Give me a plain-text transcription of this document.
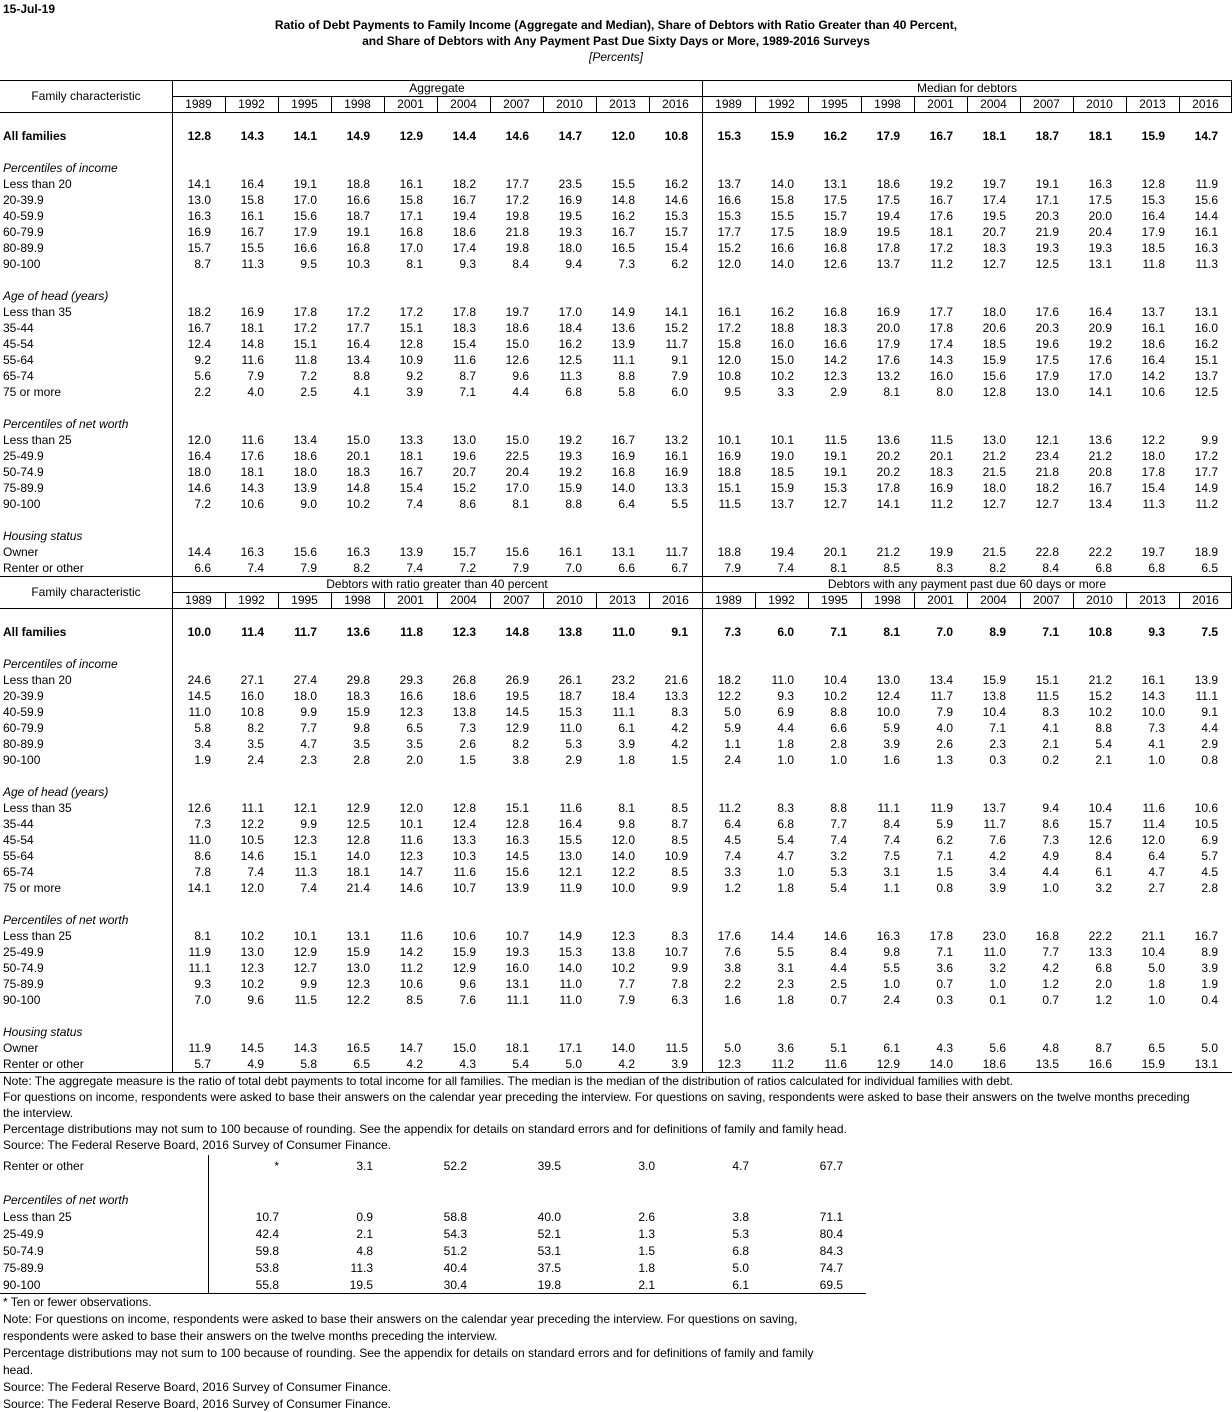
15-Jul-19
Ratio of Debt Payments to Family Income (Aggregate and Median), Share of Debtors with Ratio Greater than 40 Percent,
and Share of Debtors with Any Payment Past Due Sixty Days or More, 1989-2016 Surveys
[Percents]
Family characteristic
Aggregate	Median for debtors
1989	1992	1995	1998	2001	2004	2007	2010	2013	2016	1989	1992	1995	1998	2001	2004	2007	2010	2013	2016
All families	12.8	14.3	14.1	14.9	12.9	14.4	14.6	14.7	12.0	10.8	15.3	15.9	16.2	17.9	16.7	18.1	18.7	18.1	15.9	14.7
Percentiles of income
Less than 20	14.1	16.4	19.1	18.8	16.1	18.2	17.7	23.5	15.5	16.2	13.7	14.0	13.1	18.6	19.2	19.7	19.1	16.3	12.8	11.9
20-39.9	13.0	15.8	17.0	16.6	15.8	16.7	17.2	16.9	14.8	14.6	16.6	15.8	17.5	17.5	16.7	17.4	17.1	17.5	15.3	15.6
40-59.9	16.3	16.1	15.6	18.7	17.1	19.4	19.8	19.5	16.2	15.3	15.3	15.5	15.7	19.4	17.6	19.5	20.3	20.0	16.4	14.4
60-79.9	16.9	16.7	17.9	19.1	16.8	18.6	21.8	19.3	16.7	15.7	17.7	17.5	18.9	19.5	18.1	20.7	21.9	20.4	17.9	16.1
80-89.9	15.7	15.5	16.6	16.8	17.0	17.4	19.8	18.0	16.5	15.4	15.2	16.6	16.8	17.8	17.2	18.3	19.3	19.3	18.5	16.3
90-100	8.7	11.3	9.5	10.3	8.1	9.3	8.4	9.4	7.3	6.2	12.0	14.0	12.6	13.7	11.2	12.7	12.5	13.1	11.8	11.3
Age of head (years)
Less than 35	18.2	16.9	17.8	17.2	17.2	17.8	19.7	17.0	14.9	14.1	16.1	16.2	16.8	16.9	17.7	18.0	17.6	16.4	13.7	13.1
35-44	16.7	18.1	17.2	17.7	15.1	18.3	18.6	18.4	13.6	15.2	17.2	18.8	18.3	20.0	17.8	20.6	20.3	20.9	16.1	16.0
45-54	12.4	14.8	15.1	16.4	12.8	15.4	15.0	16.2	13.9	11.7	15.8	16.0	16.6	17.9	17.4	18.5	19.6	19.2	18.6	16.2
55-64	9.2	11.6	11.8	13.4	10.9	11.6	12.6	12.5	11.1	9.1	12.0	15.0	14.2	17.6	14.3	15.9	17.5	17.6	16.4	15.1
65-74	5.6	7.9	7.2	8.8	9.2	8.7	9.6	11.3	8.8	7.9	10.8	10.2	12.3	13.2	16.0	15.6	17.9	17.0	14.2	13.7
75 or more	2.2	4.0	2.5	4.1	3.9	7.1	4.4	6.8	5.8	6.0	9.5	3.3	2.9	8.1	8.0	12.8	13.0	14.1	10.6	12.5
Percentiles of net worth
Less than 25	12.0	11.6	13.4	15.0	13.3	13.0	15.0	19.2	16.7	13.2	10.1	10.1	11.5	13.6	11.5	13.0	12.1	13.6	12.2	9.9
25-49.9	16.4	17.6	18.6	20.1	18.1	19.6	22.5	19.3	16.9	16.1	16.9	19.0	19.1	20.2	20.1	21.2	23.4	21.2	18.0	17.2
50-74.9	18.0	18.1	18.0	18.3	16.7	20.7	20.4	19.2	16.8	16.9	18.8	18.5	19.1	20.2	18.3	21.5	21.8	20.8	17.8	17.7
75-89.9	14.6	14.3	13.9	14.8	15.4	15.2	17.0	15.9	14.0	13.3	15.1	15.9	15.3	17.8	16.9	18.0	18.2	16.7	15.4	14.9
90-100	7.2	10.6	9.0	10.2	7.4	8.6	8.1	8.8	6.4	5.5	11.5	13.7	12.7	14.1	11.2	12.7	12.7	13.4	11.3	11.2
Housing status
Owner	14.4	16.3	15.6	16.3	13.9	15.7	15.6	16.1	13.1	11.7	18.8	19.4	20.1	21.2	19.9	21.5	22.8	22.2	19.7	18.9
Renter or other	6.6	7.4	7.9	8.2	7.4	7.2	7.9	7.0	6.6	6.7	7.9	7.4	8.1	8.5	8.3	8.2	8.4	6.8	6.8	6.5
Family characteristic
Debtors with ratio greater than 40 percent	Debtors with any payment past due 60 days or more
1989	1992	1995	1998	2001	2004	2007	2010	2013	2016	1989	1992	1995	1998	2001	2004	2007	2010	2013	2016
All families	10.0	11.4	11.7	13.6	11.8	12.3	14.8	13.8	11.0	9.1	7.3	6.0	7.1	8.1	7.0	8.9	7.1	10.8	9.3	7.5
Percentiles of income
Less than 20	24.6	27.1	27.4	29.8	29.3	26.8	26.9	26.1	23.2	21.6	18.2	11.0	10.4	13.0	13.4	15.9	15.1	21.2	16.1	13.9
20-39.9	14.5	16.0	18.0	18.3	16.6	18.6	19.5	18.7	18.4	13.3	12.2	9.3	10.2	12.4	11.7	13.8	11.5	15.2	14.3	11.1
40-59.9	11.0	10.8	9.9	15.9	12.3	13.8	14.5	15.3	11.1	8.3	5.0	6.9	8.8	10.0	7.9	10.4	8.3	10.2	10.0	9.1
60-79.9	5.8	8.2	7.7	9.8	6.5	7.3	12.9	11.0	6.1	4.2	5.9	4.4	6.6	5.9	4.0	7.1	4.1	8.8	7.3	4.4
80-89.9	3.4	3.5	4.7	3.5	3.5	2.6	8.2	5.3	3.9	4.2	1.1	1.8	2.8	3.9	2.6	2.3	2.1	5.4	4.1	2.9
90-100	1.9	2.4	2.3	2.8	2.0	1.5	3.8	2.9	1.8	1.5	2.4	1.0	1.0	1.6	1.3	0.3	0.2	2.1	1.0	0.8
Age of head (years)
Less than 35	12.6	11.1	12.1	12.9	12.0	12.8	15.1	11.6	8.1	8.5	11.2	8.3	8.8	11.1	11.9	13.7	9.4	10.4	11.6	10.6
35-44	7.3	12.2	9.9	12.5	10.1	12.4	12.8	16.4	9.8	8.7	6.4	6.8	7.7	8.4	5.9	11.7	8.6	15.7	11.4	10.5
45-54	11.0	10.5	12.3	12.8	11.6	13.3	16.3	15.5	12.0	8.5	4.5	5.4	7.4	7.4	6.2	7.6	7.3	12.6	12.0	6.9
55-64	8.6	14.6	15.1	14.0	12.3	10.3	14.5	13.0	14.0	10.9	7.4	4.7	3.2	7.5	7.1	4.2	4.9	8.4	6.4	5.7
65-74	7.8	7.4	11.3	18.1	14.7	11.6	15.6	12.1	12.2	8.5	3.3	1.0	5.3	3.1	1.5	3.4	4.4	6.1	4.7	4.5
75 or more	14.1	12.0	7.4	21.4	14.6	10.7	13.9	11.9	10.0	9.9	1.2	1.8	5.4	1.1	0.8	3.9	1.0	3.2	2.7	2.8
Percentiles of net worth
Less than 25	8.1	10.2	10.1	13.1	11.6	10.6	10.7	14.9	12.3	8.3	17.6	14.4	14.6	16.3	17.8	23.0	16.8	22.2	21.1	16.7
25-49.9	11.9	13.0	12.9	15.9	14.2	15.9	19.3	15.3	13.8	10.7	7.6	5.5	8.4	9.8	7.1	11.0	7.7	13.3	10.4	8.9
50-74.9	11.1	12.3	12.7	13.0	11.2	12.9	16.0	14.0	10.2	9.9	3.8	3.1	4.4	5.5	3.6	3.2	4.2	6.8	5.0	3.9
75-89.9	9.3	10.2	9.9	12.3	10.6	9.6	13.1	11.0	7.7	7.8	2.2	2.3	2.5	1.0	0.7	1.0	1.2	2.0	1.8	1.9
90-100	7.0	9.6	11.5	12.2	8.5	7.6	11.1	11.0	7.9	6.3	1.6	1.8	0.7	2.4	0.3	0.1	0.7	1.2	1.0	0.4
Housing status
Owner	11.9	14.5	14.3	16.5	14.7	15.0	18.1	17.1	14.0	11.5	5.0	3.6	5.1	6.1	4.3	5.6	4.8	8.7	6.5	5.0
Renter or other	5.7	4.9	5.8	6.5	4.2	4.3	5.4	5.0	4.2	3.9	12.3	11.2	11.6	12.9	14.0	18.6	13.5	16.6	15.9	13.1
Note: The aggregate measure is the ratio of total debt payments to total income for all families. The median is the median of the distribution of ratios calculated for individual families with debt.
For questions on income, respondents were asked to base their answers on the calendar year preceding the interview. For questions on saving, respondents were asked to base their answers on the twelve months preceding
the interview.
Percentage distributions may not sum to 100 because of rounding. See the appendix for details on standard errors and for definitions of family and family head.
Source: The Federal Reserve Board, 2016 Survey of Consumer Finance.
Renter or other	*	3.1	52.2	39.5	3.0	4.7	67.7
Percentiles of net worth
Less than 25	10.7	0.9	58.8	40.0	2.6	3.8	71.1
25-49.9	42.4	2.1	54.3	52.1	1.3	5.3	80.4
50-74.9	59.8	4.8	51.2	53.1	1.5	6.8	84.3
75-89.9	53.8	11.3	40.4	37.5	1.8	5.0	74.7
90-100	55.8	19.5	30.4	19.8	2.1	6.1	69.5
* Ten or fewer observations.
Note: For questions on income, respondents were asked to base their answers on the calendar year preceding the interview. For questions on saving,
respondents were asked to base their answers on the twelve months preceding the interview.
Percentage distributions may not sum to 100 because of rounding. See the appendix for details on standard errors and for definitions of family and family
head.
Source: The Federal Reserve Board, 2016 Survey of Consumer Finance.
Source: The Federal Reserve Board, 2016 Survey of Consumer Finance.
